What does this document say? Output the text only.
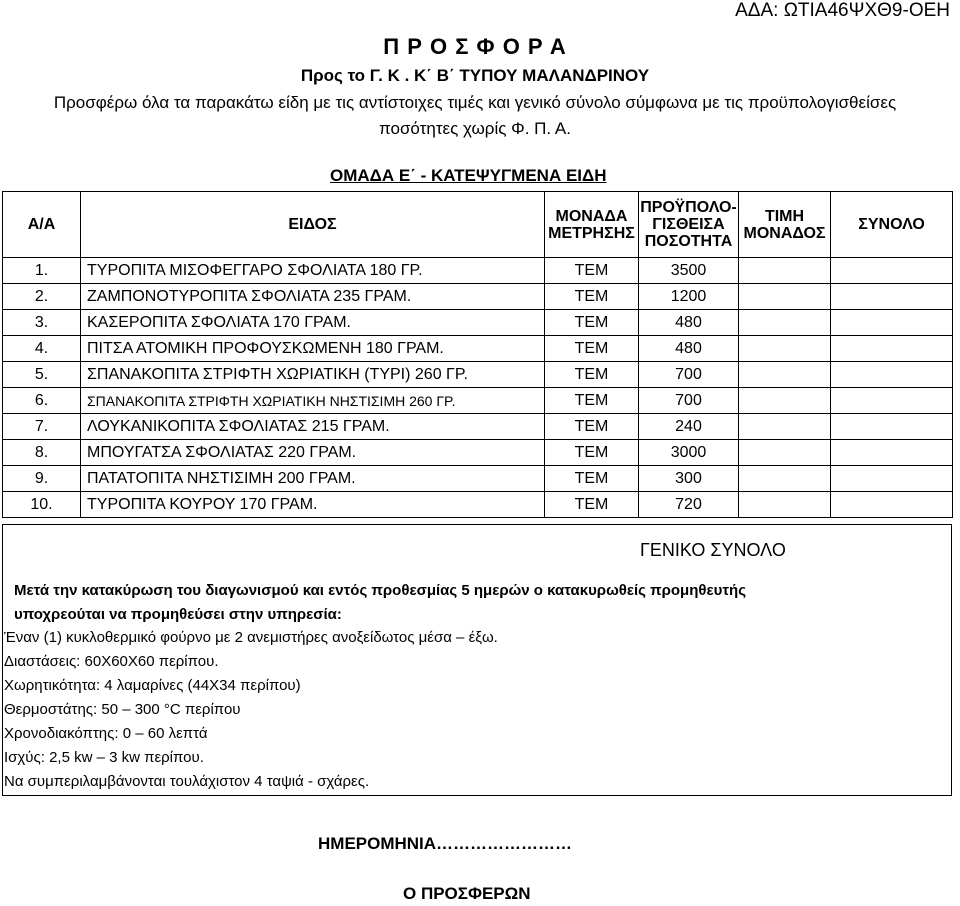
ΑΔΑ: ΩΤΙΑ46ΨΧΘ9-ΟΕΗ
Π Ρ Ο Σ Φ Ο Ρ Α
Προς το Γ. Κ . Κ΄ Β΄ ΤΥΠΟΥ ΜΑΛΑΝΔΡΙΝΟΥ
Προσφέρω όλα τα παρακάτω είδη με τις αντίστοιχες τιμές και γενικό σύνολο σύμφωνα με τις προϋπολογισθείσες ποσότητες χωρίς Φ. Π. Α.
ΟΜΑΔΑ Ε΄ - ΚΑΤΕΨΥΓΜΕΝΑ ΕΙΔΗ
Α/Α	ΕΙΔΟΣ	ΜΟΝΑΔΑ ΜΕΤΡΗΣΗΣ	ΠΡΟΫΠΟΛΟ-ΓΙΣΘΕΙΣΑ ΠΟΣΟΤΗΤΑ	ΤΙΜΗ ΜΟΝΑΔΟΣ	ΣΥΝΟΛΟ
1.	ΤΥΡΟΠΙΤΑ ΜΙΣΟΦΕΓΓΑΡΟ ΣΦΟΛΙΑΤΑ 180 ΓΡ.	ΤΕΜ	3500		
2.	ΖΑΜΠΟΝΟΤΥΡΟΠΙΤΑ ΣΦΟΛΙΑΤΑ 235 ΓΡΑΜ.	ΤΕΜ	1200		
3.	ΚΑΣΕΡΟΠΙΤΑ ΣΦΟΛΙΑΤΑ 170 ΓΡΑΜ.	ΤΕΜ	480		
4.	ΠΙΤΣΑ ΑΤΟΜΙΚΗ ΠΡΟΦΟΥΣΚΩΜΕΝΗ 180 ΓΡΑΜ.	ΤΕΜ	480		
5.	ΣΠΑΝΑΚΟΠΙΤΑ ΣΤΡΙΦΤΗ ΧΩΡΙΑΤΙΚΗ (ΤΥΡΙ) 260 ΓΡ.	ΤΕΜ	700		
6.	ΣΠΑΝΑΚΟΠΙΤΑ ΣΤΡΙΦΤΗ ΧΩΡΙΑΤΙΚΗ ΝΗΣΤΙΣΙΜΗ 260 ΓΡ.	ΤΕΜ	700		
7.	ΛΟΥΚΑΝΙΚΟΠΙΤΑ ΣΦΟΛΙΑΤΑΣ 215 ΓΡΑΜ.	ΤΕΜ	240		
8.	ΜΠΟΥΓΑΤΣΑ ΣΦΟΛΙΑΤΑΣ 220 ΓΡΑΜ.	ΤΕΜ	3000		
9.	ΠΑΤΑΤΟΠΙΤΑ ΝΗΣΤΙΣΙΜΗ 200 ΓΡΑΜ.	ΤΕΜ	300		
10.	ΤΥΡΟΠΙΤΑ ΚΟΥΡΟΥ 170 ΓΡΑΜ.	ΤΕΜ	720		
ΓΕΝΙΚΟ ΣΥΝΟΛΟ
Μετά την κατακύρωση του διαγωνισμού και εντός προθεσμίας 5 ημερών ο κατακυρωθείς προμηθευτής
υποχρεούται να προμηθεύσει στην υπηρεσία:
Έναν (1) κυκλοθερμικό φούρνο με 2 ανεμιστήρες ανοξείδωτος μέσα – έξω.
Διαστάσεις: 60Χ60Χ60 περίπου.
Χωρητικότητα: 4 λαμαρίνες (44Χ34 περίπου)
Θερμοστάτης: 50 – 300 °C περίπου
Χρονοδιακόπτης: 0 – 60 λεπτά
Ισχύς: 2,5 kw – 3 kw περίπου.
Να συμπεριλαμβάνονται τουλάχιστον 4 ταψιά - σχάρες.
ΗΜΕΡΟΜΗΝΙΑ……………………
Ο ΠΡΟΣΦΕΡΩΝ
